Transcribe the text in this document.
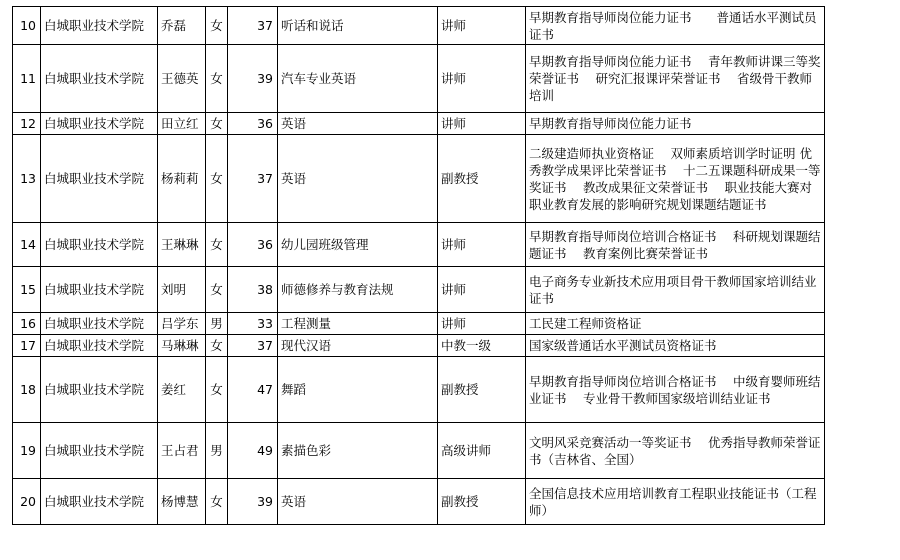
10	白城职业技术学院	乔磊	女	37	听话和说话	讲师	早期教育指导师岗位能力证书　　普通话水平测试员证书
11	白城职业技术学院	王德英	女	39	汽车专业英语	讲师	早期教育指导师岗位能力证书　 青年教师讲课三等奖荣誉证书　 研究汇报课评荣誉证书　 省级骨干教师培训
12	白城职业技术学院	田立红	女	36	英语	讲师	早期教育指导师岗位能力证书
13	白城职业技术学院	杨莉莉	女	37	英语	副教授	二级建造师执业资格证　 双师素质培训学时证明 优秀教学成果评比荣誉证书　 十二五课题科研成果一等奖证书　 教改成果征文荣誉证书　 职业技能大赛对职业教育发展的影响研究规划课题结题证书
14	白城职业技术学院	王琳琳	女	36	幼儿园班级管理	讲师	早期教育指导师岗位培训合格证书　 科研规划课题结题证书　 教育案例比赛荣誉证书
15	白城职业技术学院	刘明	女	38	师德修养与教育法规	讲师	电子商务专业新技术应用项目骨干教师国家培训结业证书
16	白城职业技术学院	吕学东	男	33	工程测量	讲师	工民建工程师资格证
17	白城职业技术学院	马琳琳	女	37	现代汉语	中教一级	国家级普通话水平测试员资格证书
18	白城职业技术学院	姜红	女	47	舞蹈	副教授	早期教育指导师岗位培训合格证书　 中级育婴师班结业证书　 专业骨干教师国家级培训结业证书
19	白城职业技术学院	王占君	男	49	素描色彩	高级讲师	文明风采竞赛活动一等奖证书　 优秀指导教师荣誉证书（吉林省、全国）
20	白城职业技术学院	杨博慧	女	39	英语	副教授	全国信息技术应用培训教育工程职业技能证书（工程师）
